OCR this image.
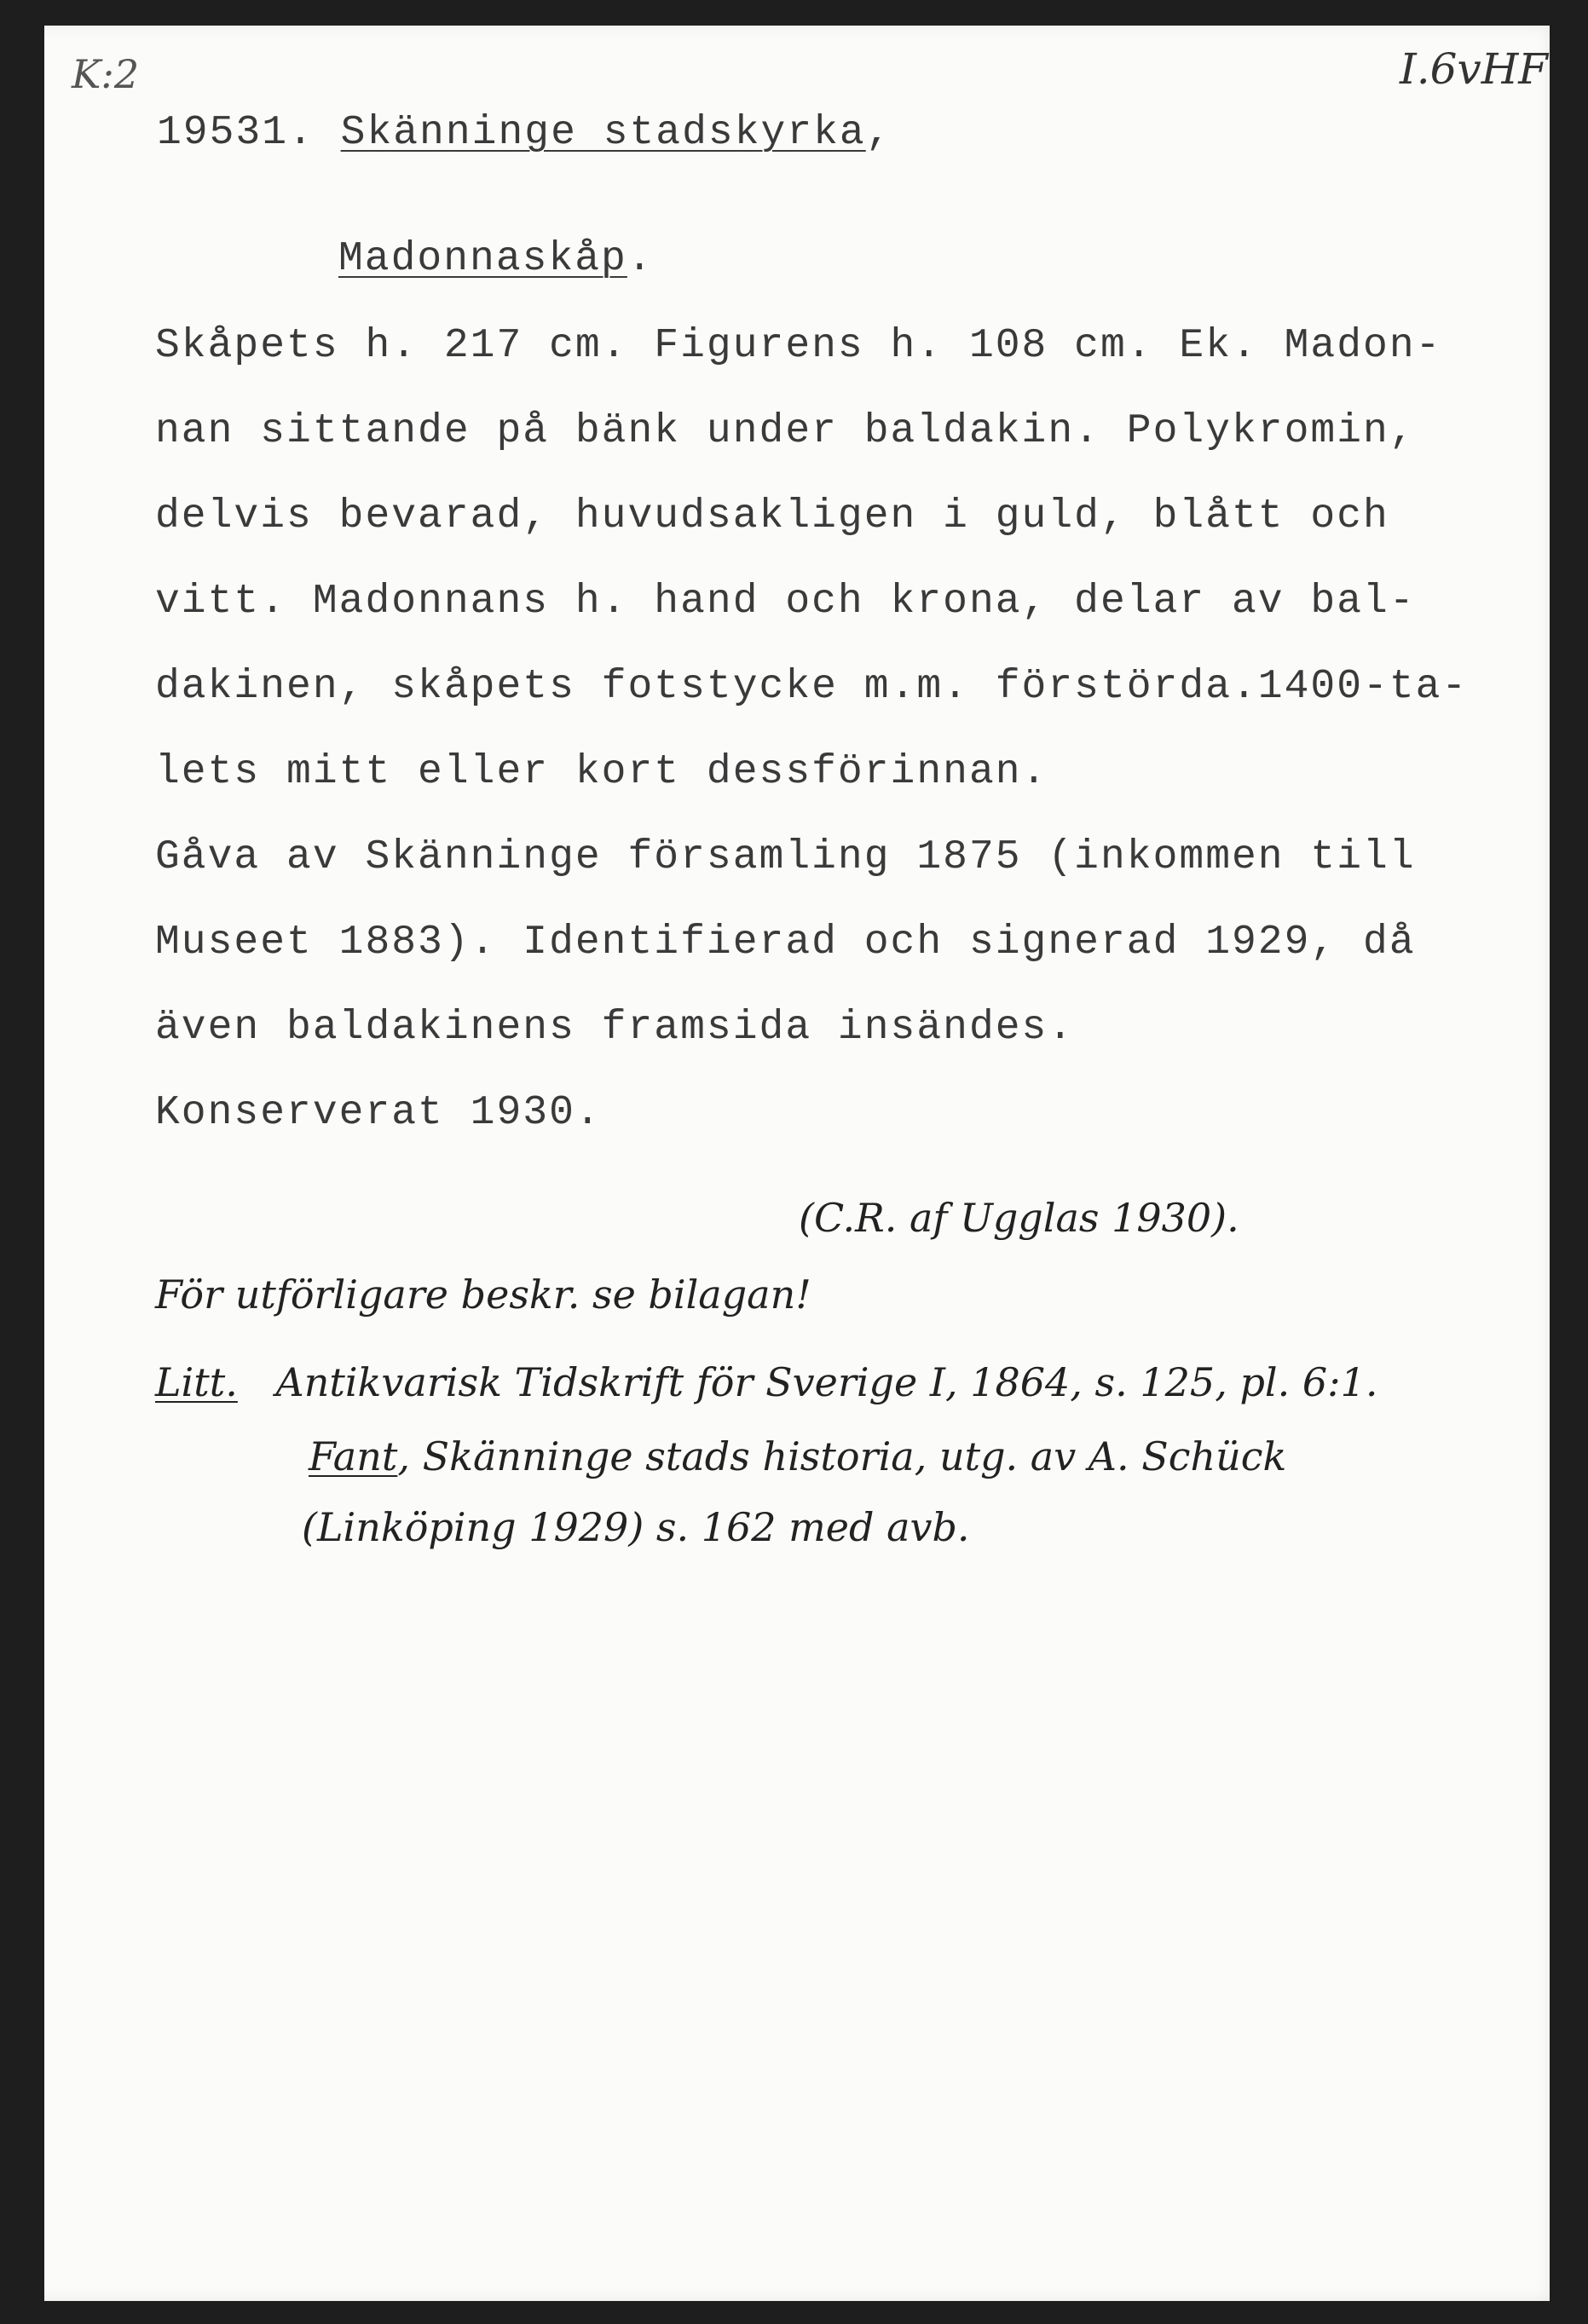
K:2	I.6vHF
19531. Skänninge stadskyrka,
Madonnaskåp.
Skåpets h. 217 cm. Figurens h. 108 cm. Ek. Madon-
nan sittande på bänk under baldakin. Polykromin,
delvis bevarad, huvudsakligen i guld, blått och
vitt. Madonnans h. hand och krona, delar av bal-
dakinen, skåpets fotstycke m.m. förstörda.1400-ta-
lets mitt eller kort dessförinnan.
Gåva av Skänninge församling 1875 (inkommen till
Museet 1883). Identifierad och signerad 1929, då
även baldakinens framsida insändes.
Konserverat 1930.
(C.R. af Ugglas 1930).
För utförligare beskr. se bilagan!
Litt. Antikvarisk Tidskrift för Sverige I, 1864, s. 125, pl. 6:1.
Fant, Skänninge stads historia, utg. av A. Schück
(Linköping 1929) s. 162 med avb.
